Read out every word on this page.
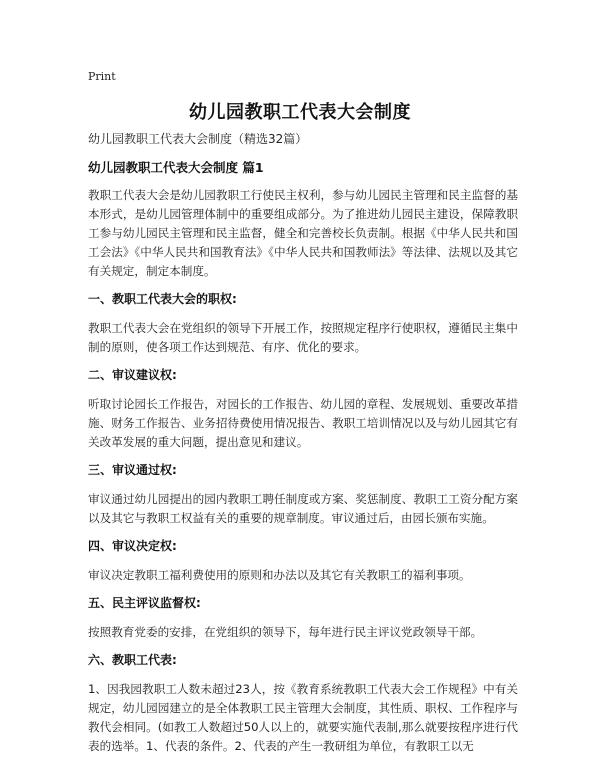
Print
幼儿园教职工代表大会制度

幼儿园教职工代表大会制度（精选32篇）

幼儿园教职工代表大会制度 篇1

教职工代表大会是幼儿园教职工行使民主权利，参与幼儿园民主管理和民主监督的基本形式，是幼儿园管理体制中的重要组成部分。为了推进幼儿园民主建设，保障教职工参与幼儿园民主管理和民主监督，健全和完善校长负责制。根据《中华人民共和国工会法》《中华人民共和国教育法》《中华人民共和国教师法》等法律、法规以及其它有关规定，制定本制度。

一、教职工代表大会的职权:

教职工代表大会在党组织的领导下开展工作，按照规定程序行使职权，遵循民主集中制的原则，使各项工作达到规范、有序、优化的要求。

二、审议建议权:

听取讨论园长工作报告，对园长的工作报告、幼儿园的章程、发展规划、重要改革措施、财务工作报告、业务招待费使用情况报告、教职工培训情况以及与幼儿园其它有关改革发展的重大问题，提出意见和建议。

三、审议通过权:

审议通过幼儿园提出的园内教职工聘任制度或方案、奖惩制度、教职工工资分配方案以及其它与教职工权益有关的重要的规章制度。审议通过后，由园长颁布实施。

四、审议决定权:

审议决定教职工福利费使用的原则和办法以及其它有关教职工的福利事项。

五、民主评议监督权:

按照教育党委的安排，在党组织的领导下，每年进行民主评议党政领导干部。

六、教职工代表:

1、因我园教职工人数未超过23人，按《教育系统教职工代表大会工作规程》中有关规定，幼儿园园建立的是全体教职工民主管理大会制度，其性质、职权、工作程序与教代会相同。(如教工人数超过50人以上的，就要实施代表制,那么就要按程序进行代表的选举。1、代表的条件。2、代表的产生一教研组为单位，有教职工以无
